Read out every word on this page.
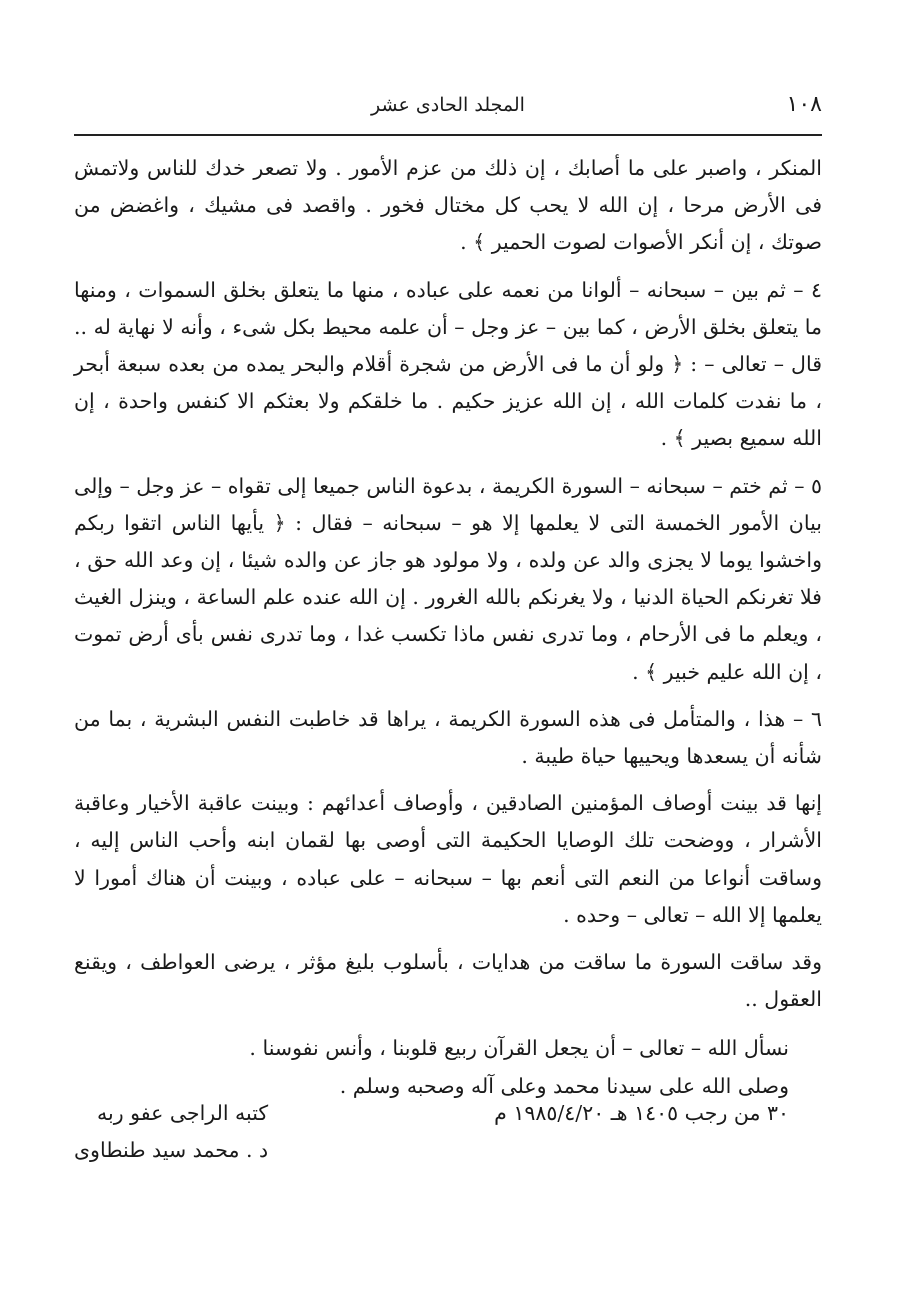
١٠٨
المجلد الحادى عشر

المنكر ، واصبر على ما أصابك ، إن ذلك من عزم الأمور . ولا تصعر خدك للناس ولاتمش فى الأرض مرحا ، إن الله لا يحب كل مختال فخور . واقصد فى مشيك ، واغضض من صوتك ، إن أنكر الأصوات لصوت الحمير ﴾ .

٤ – ثم بين – سبحانه – ألوانا من نعمه على عباده ، منها ما يتعلق بخلق السموات ، ومنها ما يتعلق بخلق الأرض ، كما بين – عز وجل – أن علمه محيط بكل شىء ، وأنه لا نهاية له .. قال – تعالى – : ﴿ ولو أن ما فى الأرض من شجرة أقلام والبحر يمده من بعده سبعة أبحر ، ما نفدت كلمات الله ، إن الله عزيز حكيم . ما خلقكم ولا بعثكم الا كنفس واحدة ، إن الله سميع بصير ﴾ .

٥ – ثم ختم – سبحانه – السورة الكريمة ، بدعوة الناس جميعا إلى تقواه – عز وجل – وإلى بيان الأمور الخمسة التى لا يعلمها إلا هو – سبحانه – فقال : ﴿ يأيها الناس اتقوا ربكم واخشوا يوما لا يجزى والد عن ولده ، ولا مولود هو جاز عن والده شيئا ، إن وعد الله حق ، فلا تغرنكم الحياة الدنيا ، ولا يغرنكم بالله الغرور . إن الله عنده علم الساعة ، وينزل الغيث ، ويعلم ما فى الأرحام ، وما تدرى نفس ماذا تكسب غدا ، وما تدرى نفس بأى أرض تموت ، إن الله عليم خبير ﴾ .

٦ – هذا ، والمتأمل فى هذه السورة الكريمة ، يراها قد خاطبت النفس البشرية ، بما من شأنه أن يسعدها ويحييها حياة طيبة .

إنها قد بينت أوصاف المؤمنين الصادقين ، وأوصاف أعدائهم : وبينت عاقبة الأخيار وعاقبة الأشرار ، ووضحت تلك الوصايا الحكيمة التى أوصى بها لقمان ابنه وأحب الناس إليه ، وساقت أنواعا من النعم التى أنعم بها – سبحانه – على عباده ، وبينت أن هناك أمورا لا يعلمها إلا الله – تعالى – وحده .

وقد ساقت السورة ما ساقت من هدايات ، بأسلوب بليغ مؤثر ، يرضى العواطف ، ويقنع العقول ..

نسأل الله – تعالى – أن يجعل القرآن ربيع قلوبنا ، وأنس نفوسنا .
وصلى الله على سيدنا محمد وعلى آله وصحبه وسلم .
٣٠ من رجب ١٤٠٥ هـ ١٩٨٥/٤/٢٠ م
كتبه الراجى عفو ربه
د . محمد سيد طنطاوى
